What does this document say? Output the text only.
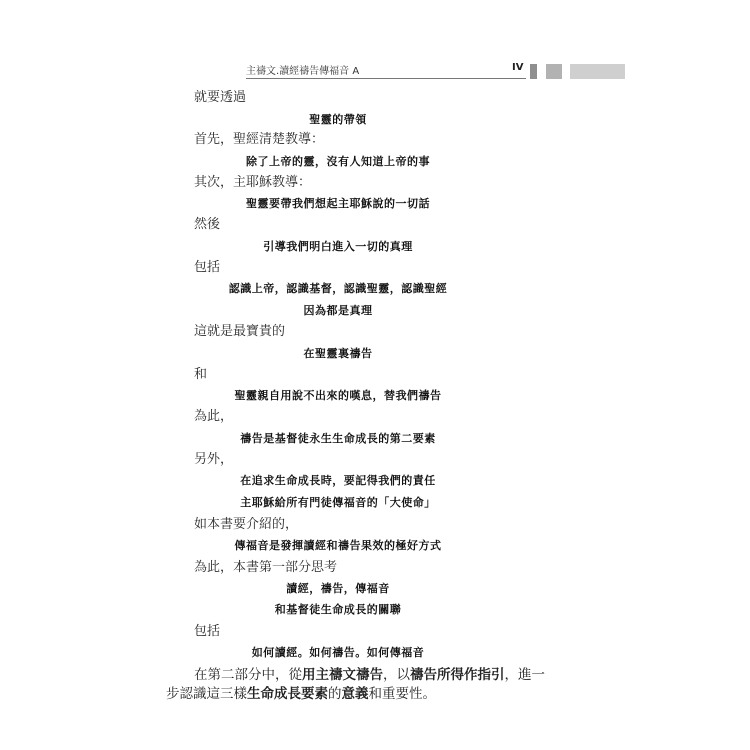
主禱文.讀經禱告傳福音 A	IV
就要透過
聖靈的帶領
首先，聖經清楚教導：
除了上帝的靈，沒有人知道上帝的事
其次，主耶穌教導：
聖靈要帶我們想起主耶穌說的一切話
然後
引導我們明白進入一切的真理
包括
認識上帝，認識基督，認識聖靈，認識聖經
因為都是真理
這就是最寶貴的
在聖靈裏禱告
和
聖靈親自用說不出來的嘆息，替我們禱告
為此，
禱告是基督徒永生生命成長的第二要素
另外，
在追求生命成長時，要記得我們的責任
主耶穌給所有門徒傳福音的「大使命」
如本書要介紹的，
傳福音是發揮讀經和禱告果效的極好方式
為此，本書第一部分思考
讀經，禱告，傳福音
和基督徒生命成長的關聯
包括
如何讀經。如何禱告。如何傳福音
在第二部分中，從用主禱文禱告，以禱告所得作指引，進一
步認識這三樣生命成長要素的意義和重要性。
